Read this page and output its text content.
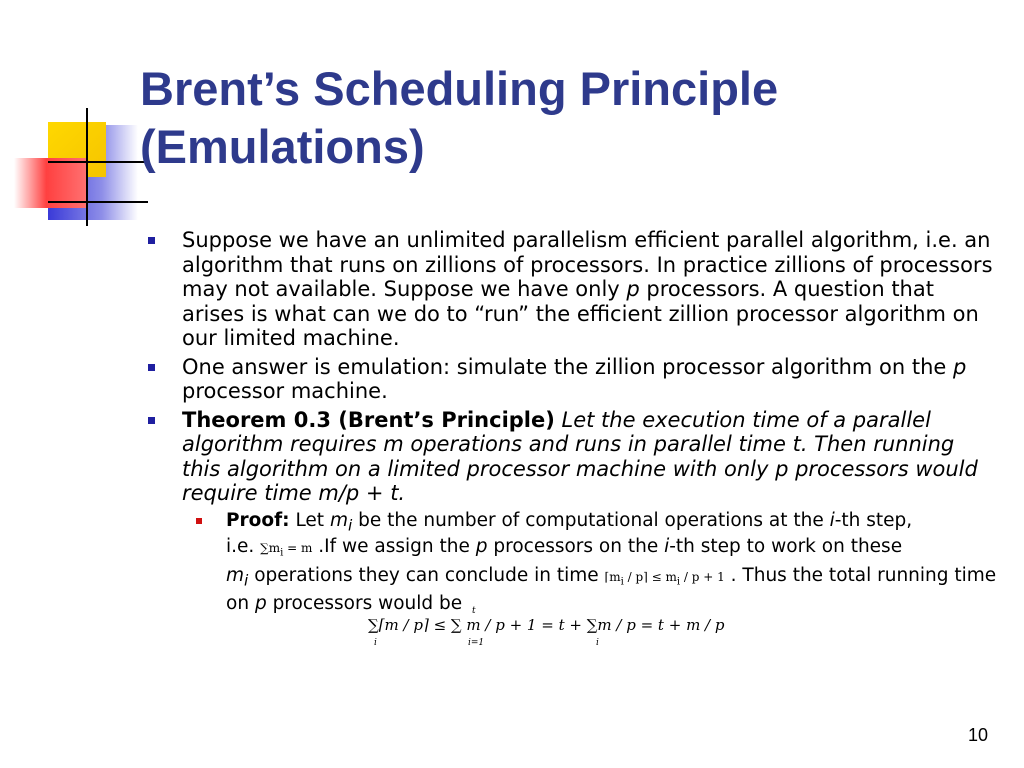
Brent’s Scheduling Principle
(Emulations)
Suppose we have an unlimited parallelism efficient parallel algorithm, i.e. an algorithm that runs on zillions of processors. In practice zillions of processors may not available. Suppose we have only p processors. A question that arises is what can we do to “run” the efficient zillion processor algorithm on our limited machine.
One answer is emulation: simulate the zillion processor algorithm on the p processor machine.
Theorem 0.3 (Brent’s Principle) Let the execution time of a parallel algorithm requires m operations and runs in parallel time t. Then running this algorithm on a limited processor machine with only p processors would require time m/p + t.
Proof: Let $m_i$ be the number of computational operations at the i-th step,
i.e. $\sum m_i = m$ .If we assign the p processors on the i-th step to work on these
$m_i$ operations they can conclude in time $⌈m_i$ / p⌉ ≤ $m_i / p + 1$ . Thus the total running time on p processors would be
∑⌈m / p⌉ ≤ ∑ m / p + 1 = t + ∑m / p = t + m / p
i	i=1
t
i
10
